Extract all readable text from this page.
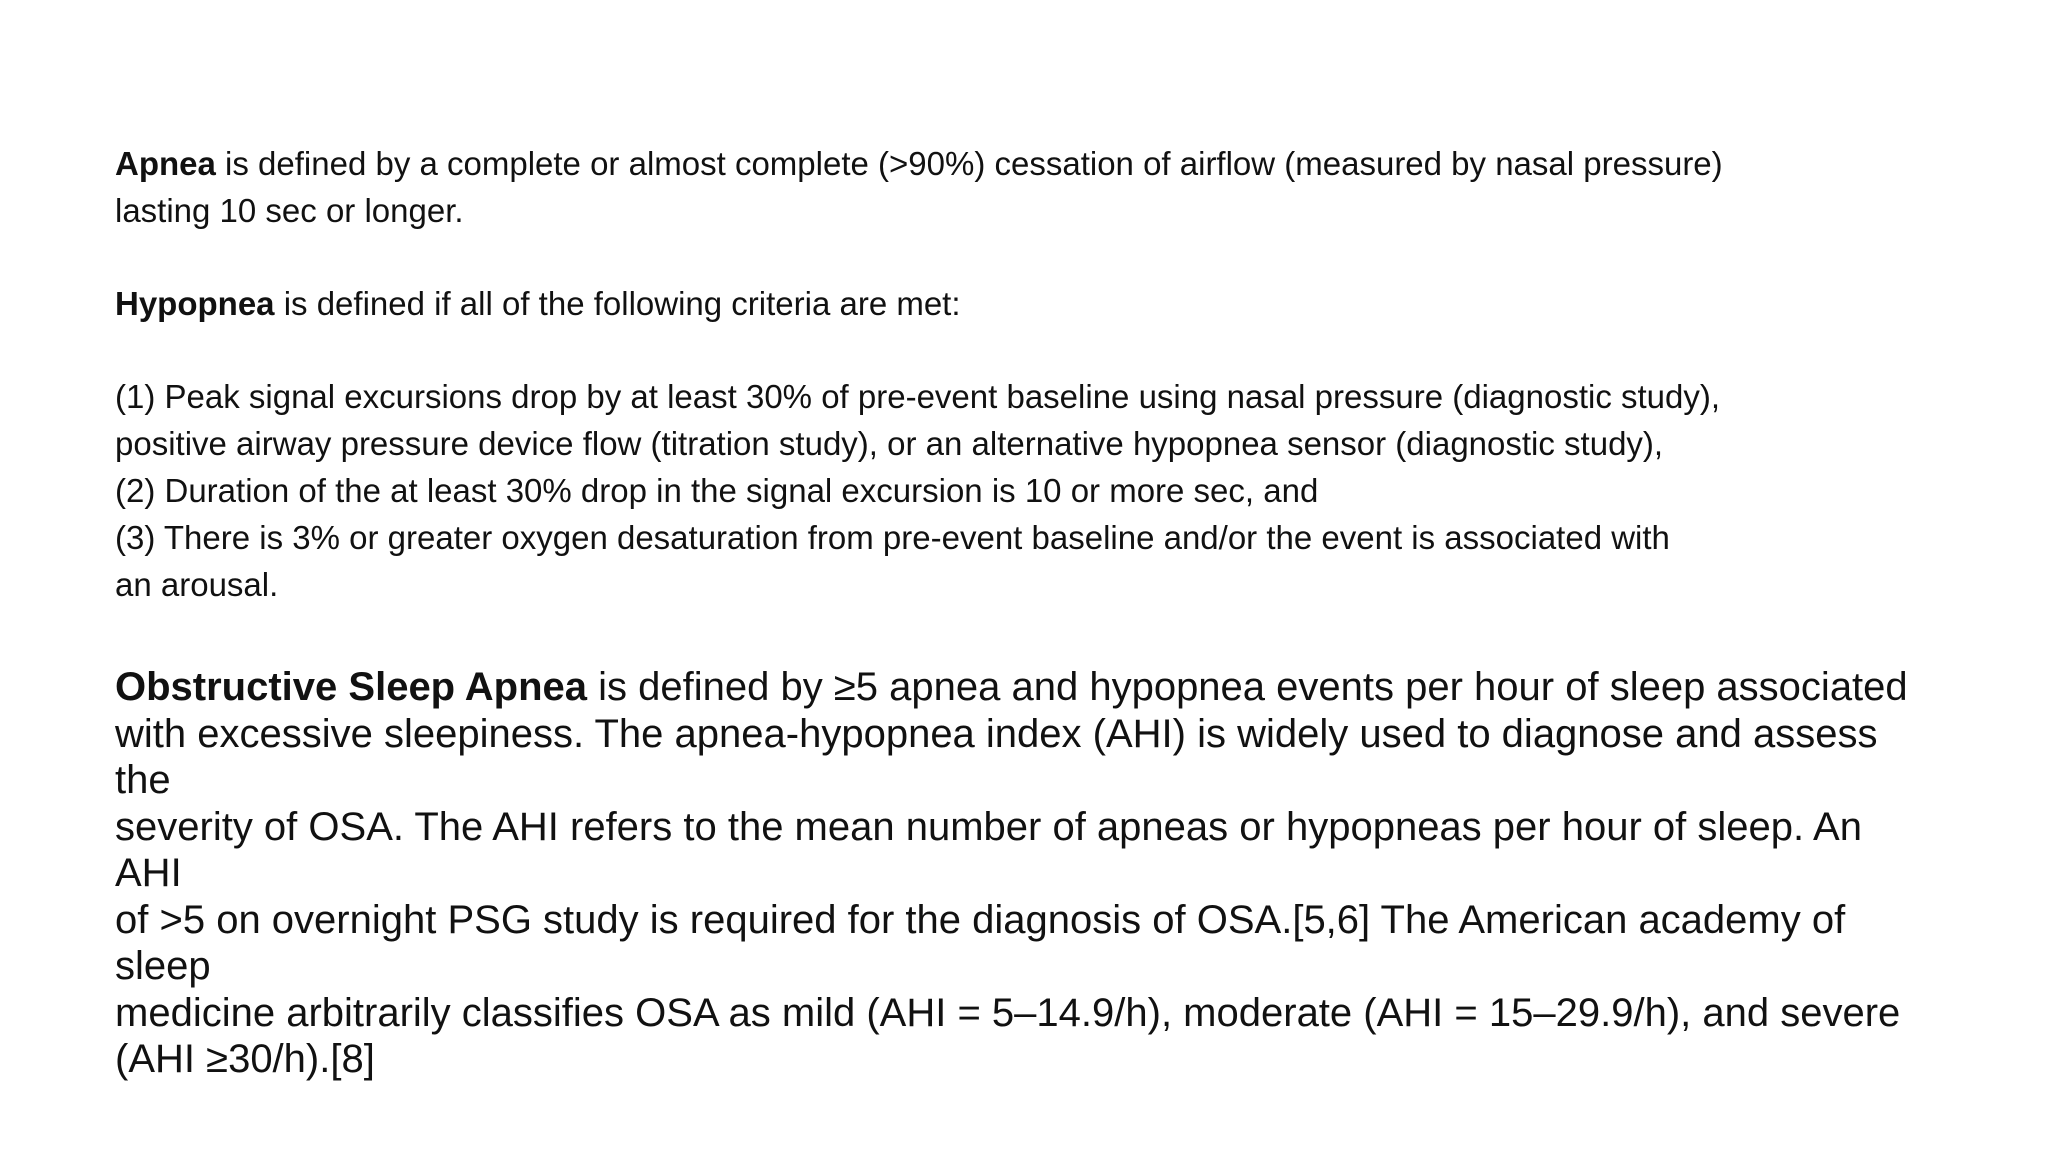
Apnea is defined by a complete or almost complete (>90%) cessation of airflow (measured by nasal pressure)

lasting 10 sec or longer.

Hypopnea is defined if all of the following criteria are met:

(1) Peak signal excursions drop by at least 30% of pre-event baseline using nasal pressure (diagnostic study),

positive airway pressure device flow (titration study), or an alternative hypopnea sensor (diagnostic study),

(2) Duration of the at least 30% drop in the signal excursion is 10 or more sec, and

(3) There is 3% or greater oxygen desaturation from pre-event baseline and/or the event is associated with

an arousal.

Obstructive Sleep Apnea is defined by ≥5 apnea and hypopnea events per hour of sleep associated

with excessive sleepiness. The apnea-hypopnea index (AHI) is widely used to diagnose and assess the

severity of OSA. The AHI refers to the mean number of apneas or hypopneas per hour of sleep. An AHI

of >5 on overnight PSG study is required for the diagnosis of OSA.[5,6] The American academy of sleep

medicine arbitrarily classifies OSA as mild (AHI = 5–14.9/h), moderate (AHI = 15–29.9/h), and severe

(AHI ≥30/h).[8]
